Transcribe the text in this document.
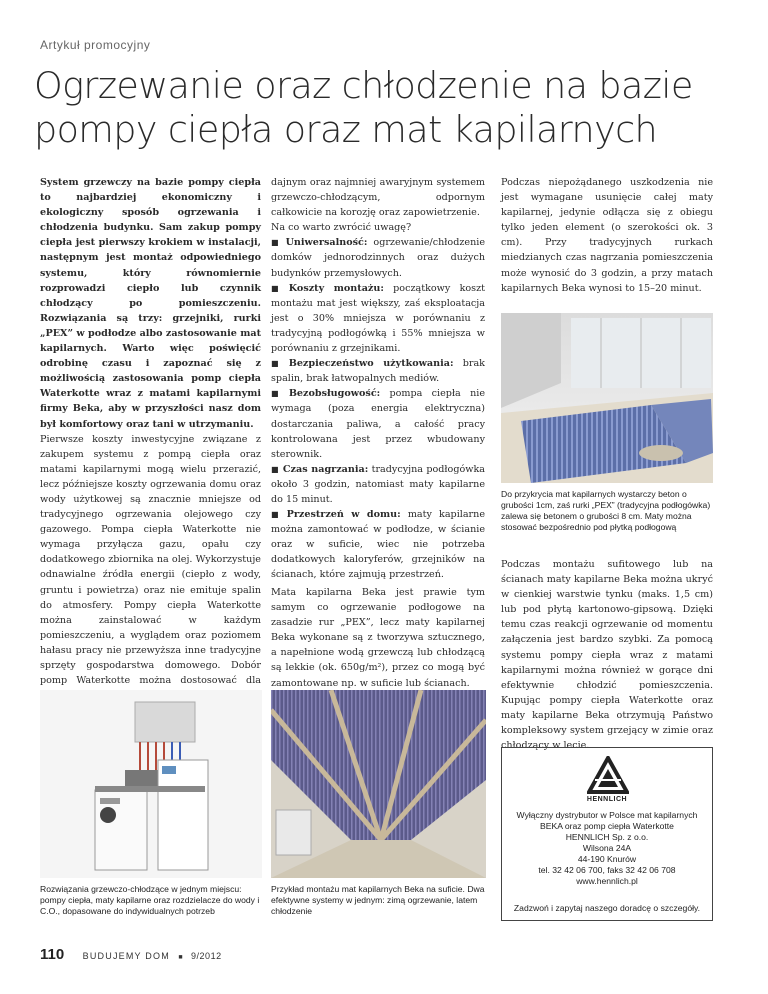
Artykuł promocyjny
Ogrzewanie oraz chłodzenie na bazie
pompy ciepła oraz mat kapilarnych

System grzewczy na bazie pompy ciepła to najbardziej ekonomiczny i ekologiczny sposób ogrzewania i chłodzenia budynku. Sam zakup pompy ciepła jest pierwszy krokiem w instalacji, następnym jest montaż odpowiedniego systemu, który równomiernie rozprowadzi ciepło lub czynnik chłodzący po pomieszczeniu. Rozwiązania są trzy: grzejniki, rurki „PEX” w podłodze albo zastosowanie mat kapilarnych. Warto więc poświęcić odrobinę czasu i zapoznać się z możliwością zastosowania pomp ciepła Waterkotte wraz z matami kapilarnymi firmy Beka, aby w przyszłości nasz dom był komfortowy oraz tani w utrzymaniu.

Pierwsze koszty inwestycyjne związane z zakupem systemu z pompą ciepła oraz matami kapilarnymi mogą wielu przerazić, lecz późniejsze koszty ogrzewania domu oraz wody użytkowej są znacznie mniejsze od tradycyjnego ogrzewania olejowego czy gazowego. Pompa ciepła Waterkotte nie wymaga przyłącza gazu, opału czy dodatkowego zbiornika na olej. Wykorzystuje odnawialne źródła energii (ciepło z wody, gruntu i powietrza) oraz nie emituje spalin do atmosfery. Pompy ciepła Waterkotte można zainstalować w każdym pomieszczeniu, a wyglądem oraz poziomem hałasu pracy nie przewyższa inne tradycyjne sprzęty gospodarstwa domowego. Dobór pomp Waterkotte można dostosować dla

dajnym oraz najmniej awaryjnym systemem grzewczo-chłodzącym, odpornym całkowicie na korozję oraz zapowietrzenie.

Na co warto zwrócić uwagę?

■ Uniwersalność: ogrzewanie/chłodzenie domków jednorodzinnych oraz dużych budynków przemysłowych.

■ Koszty montażu: początkowy koszt montażu mat jest większy, zaś eksploatacja jest o 30% mniejsza w porównaniu z tradycyjną podłogówką i 55% mniejsza w porównaniu z grzejnikami.

■ Bezpieczeństwo użytkowania: brak spalin, brak łatwopalnych mediów.

■ Bezobsługowość: pompa ciepła nie wymaga (poza energia elektryczna) dostarczania paliwa, a całość pracy kontrolowana jest przez wbudowany sterownik.

■ Czas nagrzania: tradycyjna podłogówka około 3 godzin, natomiast maty kapilarne do 15 minut.

■ Przestrzeń w domu: maty kapilarne można zamontować w podłodze, w ścianie oraz w suficie, wiec nie potrzeba dodatkowych kaloryferów, grzejników na ścianach, które zajmują przestrzeń.

Mata kapilarna Beka jest prawie tym samym co ogrzewanie podłogowe na zasadzie rur „PEX”, lecz maty kapilarnej Beka wykonane są z tworzywa sztucznego, a napełnione wodą grzewczą lub chłodzącą są lekkie (ok. 650g/m²), przez co mogą być zamontowane np. w suficie lub ścianach.

Podczas niepożądanego uszkodzenia nie jest wymagane usunięcie całej maty kapilarnej, jedynie odłącza się z obiegu tylko jeden element (o szerokości ok. 3 cm). Przy tradycyjnych rurkach miedzianych czas nagrzania pomieszczenia może wynosić do 3 godzin, a przy matach kapilarnych Beka wynosi to 15–20 minut.

Podczas montażu sufitowego lub na ścianach maty kapilarne Beka można ukryć w cienkiej warstwie tynku (maks. 1,5 cm) lub pod płytą kartonowo-gipsową. Dzięki temu czas reakcji ogrzewanie od momentu załączenia jest bardzo szybki. Za pomocą systemu pompy ciepła wraz z matami kapilarnymi można również w gorące dni efektywnie chłodzić pomieszczenia. Kupując pompy ciepła Waterkotte oraz maty kapilarne Beka otrzymują Państwo kompleksowy system grzejący w zimie oraz chłodzący w lecie.

Do przykrycia mat kapilarnych wystarczy beton o grubości 1cm, zaś rurki „PEX” (tradycyjna podłogówka) zalewa się betonem o grubości 8 cm. Maty można stosować bezpośrednio pod płytką podłogową
Rozwiązania grzewczo-chłodzące w jednym miejscu: pompy ciepła, maty kapilarne oraz rozdzielacze do wody i C.O., dopasowane do indywidualnych potrzeb
Przykład montażu mat kapilarnych Beka na suficie. Dwa efektywne systemy w jednym: zimą ogrzewanie, latem chłodzenie
HENNLICH
Wyłączny dystrybutor w Polsce mat kapilarnych
BEKA oraz pomp ciepła Waterkotte
HENNLICH Sp. z o.o.
Wilsona 24A
44-190 Knurów
tel. 32 42 06 700, faks 32 42 06 708
www.hennlich.pl
Zadzwoń i zapytaj naszego doradcę o szczegóły.
110 BUDUJEMY DOM ■ 9/2012
